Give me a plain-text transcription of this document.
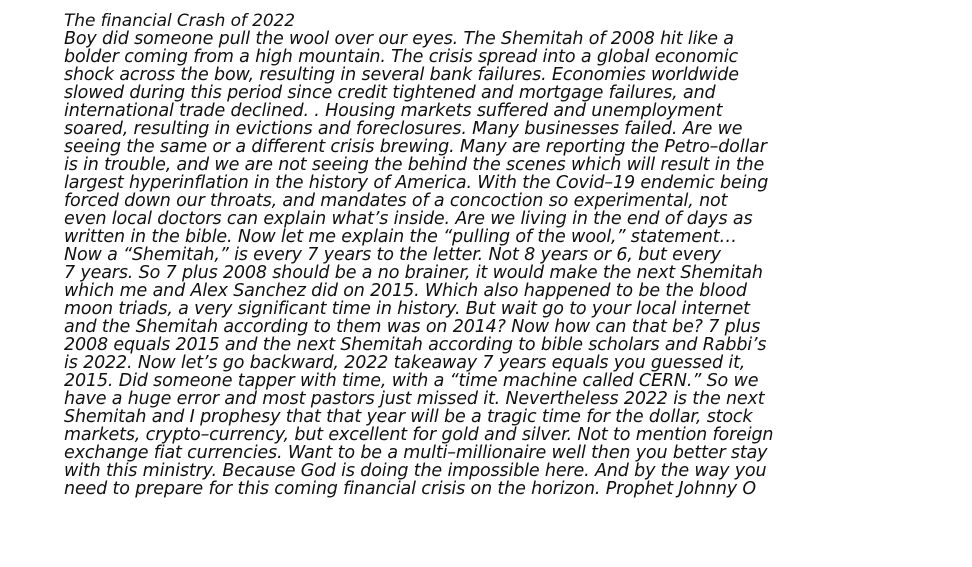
The financial Crash of 2022
Boy did someone pull the wool over our eyes. The Shemitah of 2008 hit like a
bolder coming from a high mountain. The crisis spread into a global economic
shock across the bow, resulting in several bank failures. Economies worldwide
slowed during this period since credit tightened and mortgage failures, and
international trade declined. . Housing markets suffered and unemployment
soared, resulting in evictions and foreclosures. Many businesses failed. Are we
seeing the same or a different crisis brewing. Many are reporting the Petro–dollar
is in trouble, and we are not seeing the behind the scenes which will result in the
largest hyperinflation in the history of America. With the Covid–19 endemic being
forced down our throats, and mandates of a concoction so experimental, not
even local doctors can explain what’s inside. Are we living in the end of days as
written in the bible. Now let me explain the “pulling of the wool,” statement…
Now a “Shemitah,” is every 7 years to the letter. Not 8 years or 6, but every
7 years. So 7 plus 2008 should be a no brainer, it would make the next Shemitah
which me and Alex Sanchez did on 2015. Which also happened to be the blood
moon triads, a very significant time in history. But wait go to your local internet
and the Shemitah according to them was on 2014? Now how can that be? 7 plus
2008 equals 2015 and the next Shemitah according to bible scholars and Rabbi’s
is 2022. Now let’s go backward, 2022 takeaway 7 years equals you guessed it,
2015. Did someone tapper with time, with a “time machine called CERN.” So we
have a huge error and most pastors just missed it. Nevertheless 2022 is the next
Shemitah and I prophesy that that year will be a tragic time for the dollar, stock
markets, crypto–currency, but excellent for gold and silver. Not to mention foreign
exchange fiat currencies. Want to be a multi–millionaire well then you better stay
with this ministry. Because God is doing the impossible here. And by the way you
need to prepare for this coming financial crisis on the horizon. Prophet Johnny O
